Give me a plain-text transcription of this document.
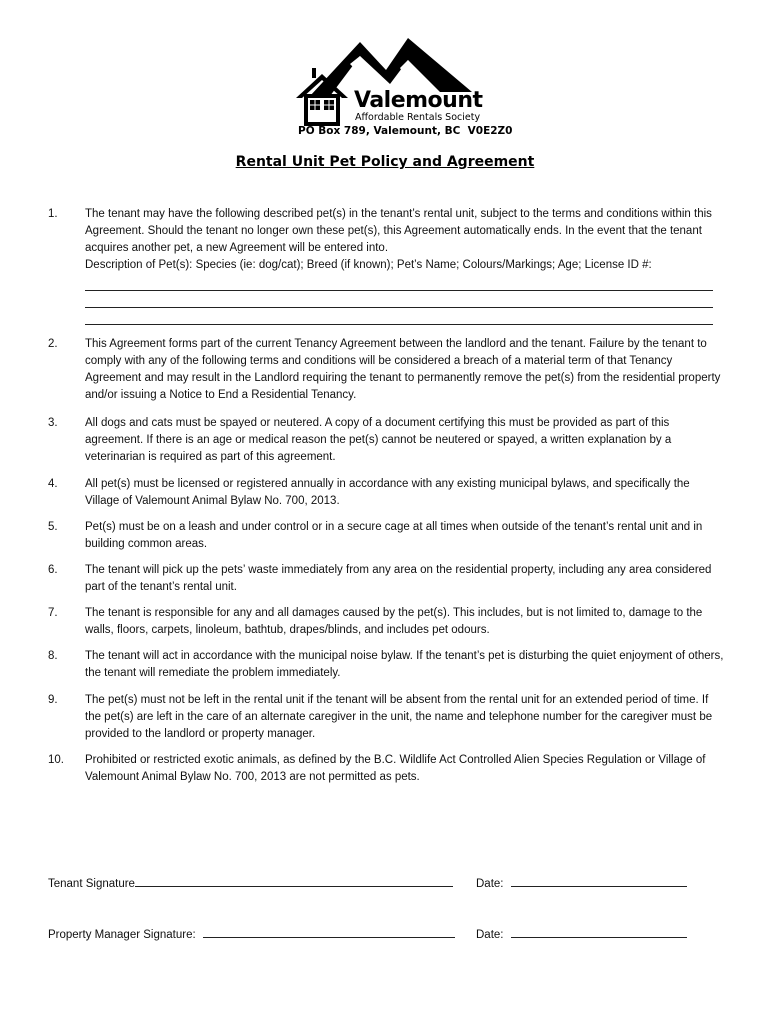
Valemount
Affordable Rentals Society
PO Box 789, Valemount, BC  V0E2Z0
Rental Unit Pet Policy and Agreement
1. The tenant may have the following described pet(s) in the tenant’s rental unit, subject to the terms and conditions within this Agreement. Should the tenant no longer own these pet(s), this Agreement automatically ends. In the event that the tenant acquires another pet, a new Agreement will be entered into.
Description of Pet(s): Species (ie: dog/cat); Breed (if known); Pet’s Name; Colours/Markings; Age; License ID #:
2. This Agreement forms part of the current Tenancy Agreement between the landlord and the tenant. Failure by the tenant to comply with any of the following terms and conditions will be considered a breach of a material term of that Tenancy Agreement and may result in the Landlord requiring the tenant to permanently remove the pet(s) from the residential property and/or issuing a Notice to End a Residential Tenancy.
3. All dogs and cats must be spayed or neutered. A copy of a document certifying this must be provided as part of this agreement. If there is an age or medical reason the pet(s) cannot be neutered or spayed, a written explanation by a veterinarian is required as part of this agreement.
4. All pet(s) must be licensed or registered annually in accordance with any existing municipal bylaws, and specifically the Village of Valemount Animal Bylaw No. 700, 2013.
5. Pet(s) must be on a leash and under control or in a secure cage at all times when outside of the tenant’s rental unit and in building common areas.
6. The tenant will pick up the pets’ waste immediately from any area on the residential property, including any area considered part of the tenant’s rental unit.
7. The tenant is responsible for any and all damages caused by the pet(s). This includes, but is not limited to, damage to the walls, floors, carpets, linoleum, bathtub, drapes/blinds, and includes pet odours.
8. The tenant will act in accordance with the municipal noise bylaw. If the tenant’s pet is disturbing the quiet enjoyment of others, the tenant will remediate the problem immediately.
9. The pet(s) must not be left in the rental unit if the tenant will be absent from the rental unit for an extended period of time. If the pet(s) are left in the care of an alternate caregiver in the unit, the name and telephone number for the caregiver must be provided to the landlord or property manager.
10. Prohibited or restricted exotic animals, as defined by the B.C. Wildlife Act Controlled Alien Species Regulation or Village of Valemount Animal Bylaw No. 700, 2013 are not permitted as pets.
Tenant Signature	Date:
Property Manager Signature:	Date:
